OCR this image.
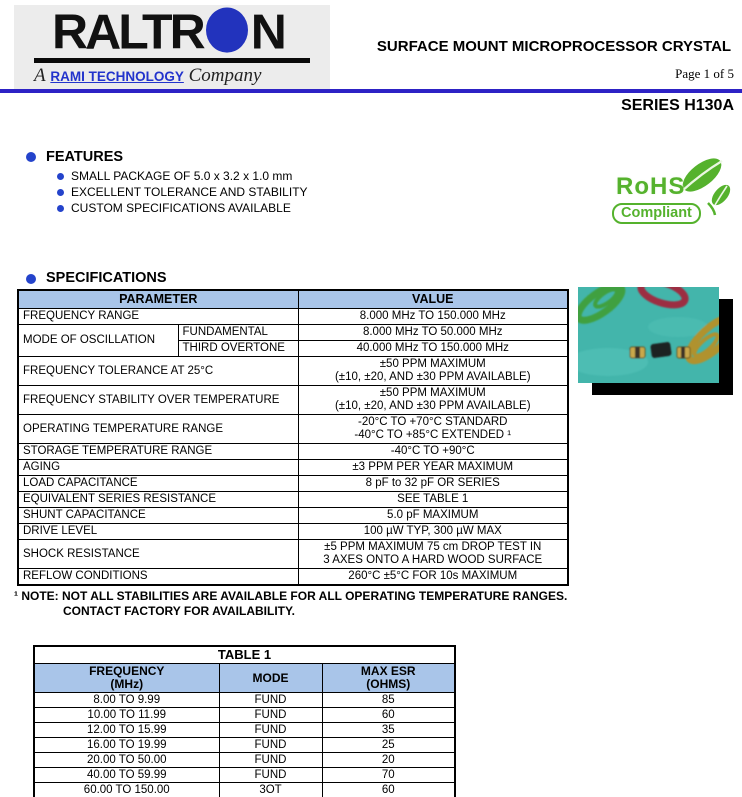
RALTR N
A RAMI TECHNOLOGY Company
SURFACE MOUNT MICROPROCESSOR CRYSTAL
Page 1 of 5
SERIES H130A
FEATURES
SMALL PACKAGE OF 5.0 x 3.2 x 1.0 mm
EXCELLENT TOLERANCE AND STABILITY
CUSTOM SPECIFICATIONS AVAILABLE
RoHS
Compliant
SPECIFICATIONS
PARAMETER		VALUE
FREQUENCY RANGE		8.000 MHz TO 150.000 MHz
MODE OF OSCILLATION	FUNDAMENTAL	8.000 MHz TO 50.000 MHz
	THIRD OVERTONE	40.000 MHz TO 150.000 MHz
FREQUENCY TOLERANCE AT 25°C		±50 PPM MAXIMUM
(±10, ±20, AND ±30 PPM AVAILABLE)

FREQUENCY STABILITY OVER TEMPERATURE		±50 PPM MAXIMUM
(±10, ±20, AND ±30 PPM AVAILABLE)

OPERATING TEMPERATURE RANGE		-20°C TO +70°C STANDARD
-40°C TO +85°C EXTENDED ¹

STORAGE TEMPERATURE RANGE		-40°C TO +90°C
AGING		±3 PPM PER YEAR MAXIMUM
LOAD CAPACITANCE		8 pF to 32 pF OR SERIES
EQUIVALENT SERIES RESISTANCE		SEE TABLE 1
SHUNT CAPACITANCE		5.0 pF MAXIMUM
DRIVE LEVEL		100 µW TYP, 300 µW MAX
SHOCK RESISTANCE		±5 PPM MAXIMUM 75 cm DROP TEST IN
3 AXES ONTO A HARD WOOD SURFACE

REFLOW CONDITIONS		260°C ±5°C FOR 10s MAXIMUM
¹ NOTE: NOT ALL STABILITIES ARE AVAILABLE FOR ALL OPERATING TEMPERATURE RANGES.
CONTACT FACTORY FOR AVAILABILITY.
TABLE 1		

FREQUENCY
(MHz)	MODE	MAX ESR
(OHMS)

8.00 TO 9.99	FUND	85
10.00 TO 11.99	FUND	60
12.00 TO 15.99	FUND	35
16.00 TO 19.99	FUND	25
20.00 TO 50.00	FUND	20
40.00 TO 59.99	FUND	70
60.00 TO 150.00	3OT	60
